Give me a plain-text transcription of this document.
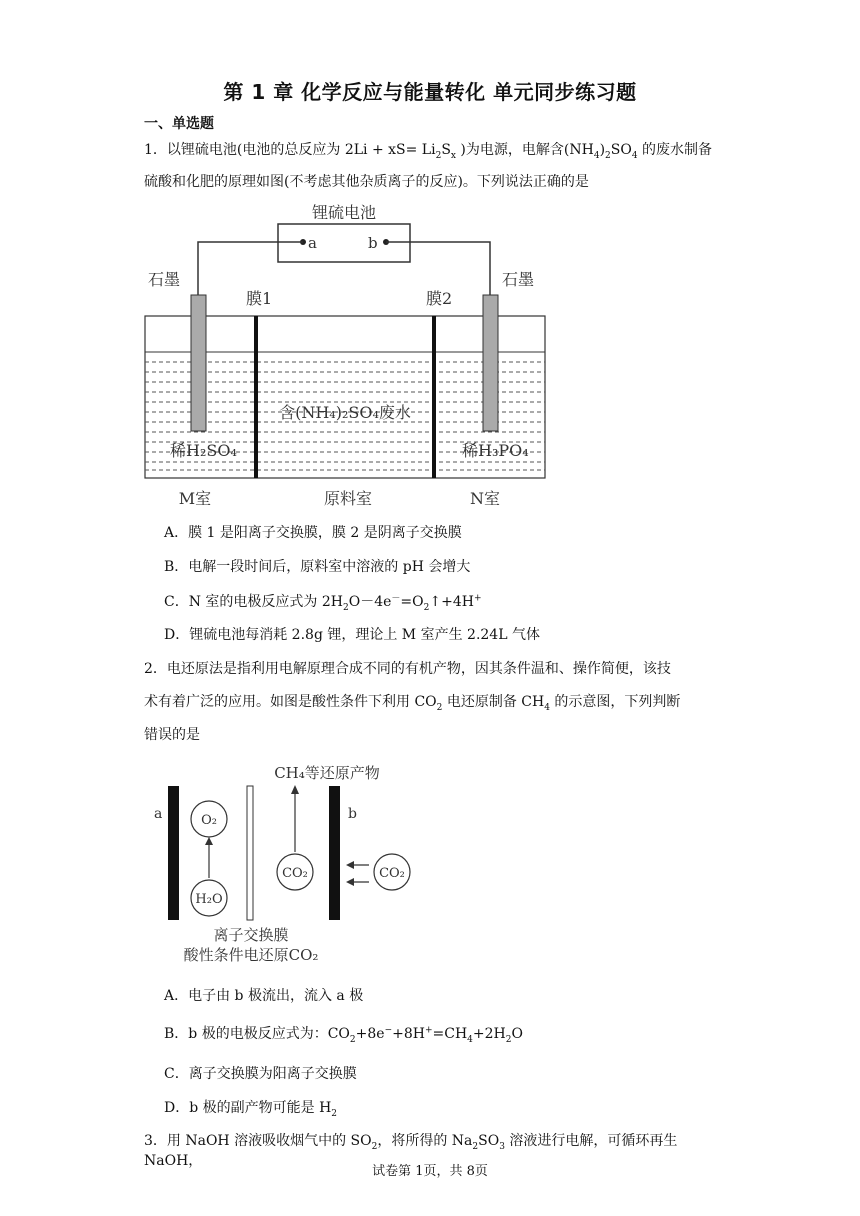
第 1 章 化学反应与能量转化 单元同步练习题
一、单选题
1．以锂硫电池(电池的总反应为 $2Li + xS= Li_2S_x$ )为电源，电解含$(NH_4)_2SO_4$ 的废水制备
硫酸和化肥的原理如图(不考虑其他杂质离子的反应)。下列说法正确的是
a	b
锂硫电池
石墨	石墨
膜1	膜2
含(NH₄)₂SO₄废水
稀H₂SO₄	稀H₃PO₄
M室	原料室	N室
A．膜 1 是阳离子交换膜，膜 2 是阴离子交换膜
B．电解一段时间后，原料室中溶液的 pH 会增大
C．N 室的电极反应式为 $2H_2O-4e^-=O_2↑+4H^+$
D．锂硫电池每消耗 2.8g 锂，理论上 M 室产生 2.24L 气体
2．电还原法是指利用电解原理合成不同的有机产物，因其条件温和、操作简便，该技
术有着广泛的应用。如图是酸性条件下利用 $CO_2$ 电还原制备 $CH_4$ 的示意图，下列判断
错误的是
CH₄等还原产物
a	b
O₂
H₂O
CO₂	CO₂
离子交换膜
酸性条件电还原CO₂
A．电子由 b 极流出，流入 a 极
B．b 极的电极反应式为：$CO_2+8e^-+8H^+=CH_4+2H_2O$
C．离子交换膜为阳离子交换膜
D．b 极的副产物可能是 $H_2$
3．用 NaOH 溶液吸收烟气中的 $SO_2$，将所得的 $Na_2SO_3$ 溶液进行电解，可循环再生 NaOH，
试卷第 1页，共 8页
